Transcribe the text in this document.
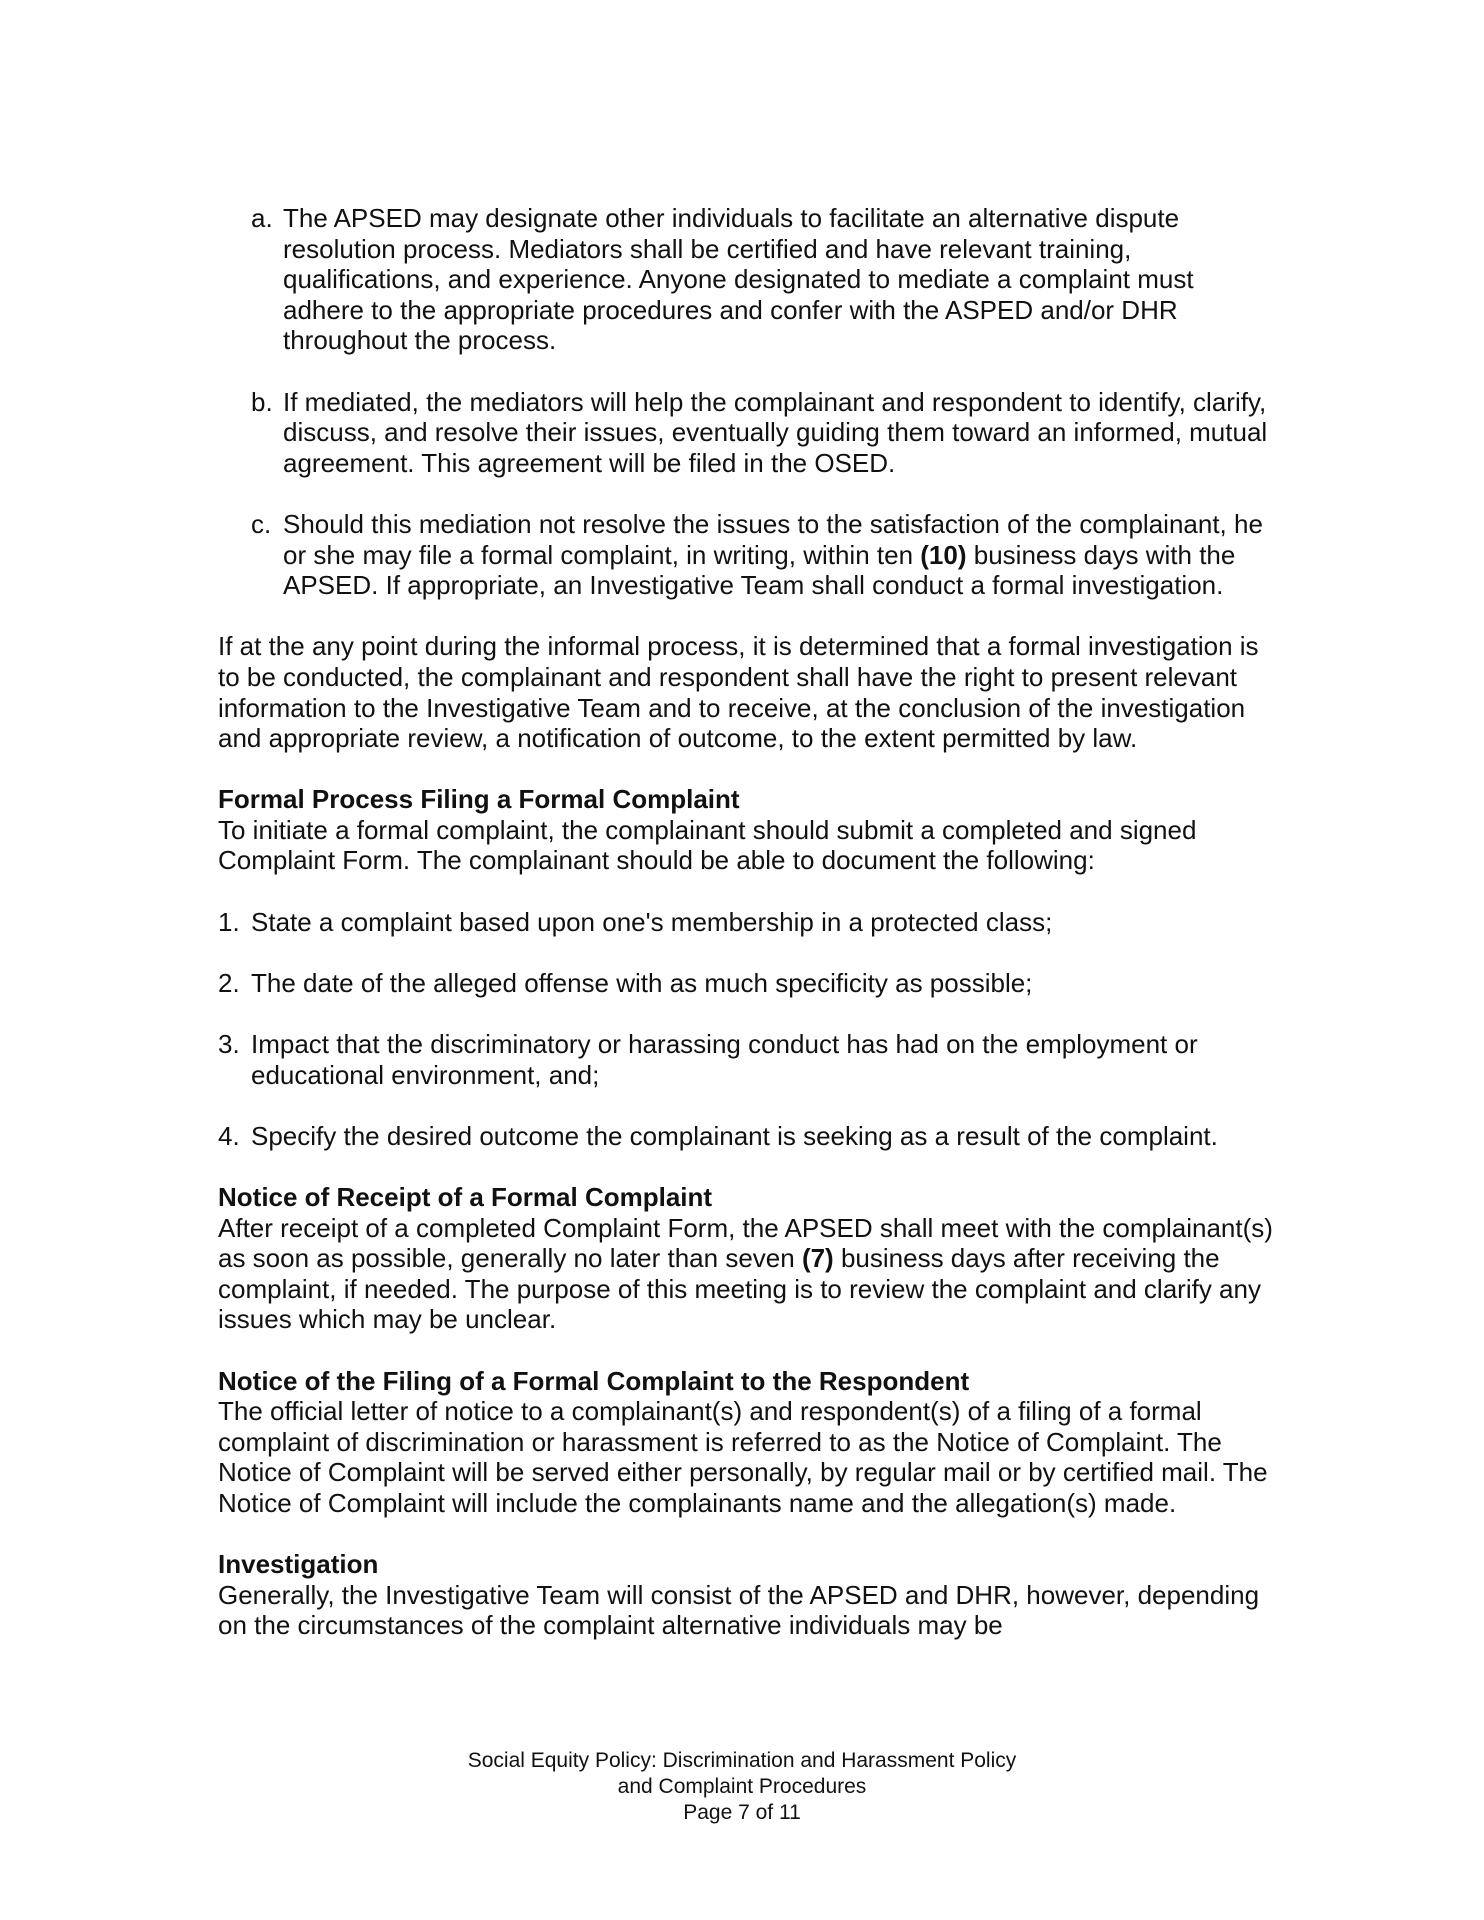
a. The APSED may designate other individuals to facilitate an alternative dispute resolution process. Mediators shall be certified and have relevant training, qualifications, and experience. Anyone designated to mediate a complaint must adhere to the appropriate procedures and confer with the ASPED and/or DHR throughout the process.
b. If mediated, the mediators will help the complainant and respondent to identify, clarify, discuss, and resolve their issues, eventually guiding them toward an informed, mutual agreement. This agreement will be filed in the OSED.
c. Should this mediation not resolve the issues to the satisfaction of the complainant, he or she may file a formal complaint, in writing, within ten (10) business days with the APSED. If appropriate, an Investigative Team shall conduct a formal investigation.

If at the any point during the informal process, it is determined that a formal investigation is to be conducted, the complainant and respondent shall have the right to present relevant information to the Investigative Team and to receive, at the conclusion of the investigation and appropriate review, a notification of outcome, to the extent permitted by law.

Formal Process Filing a Formal Complaint

To initiate a formal complaint, the complainant should submit a completed and signed Complaint Form. The complainant should be able to document the following:

1. State a complaint based upon one's membership in a protected class;
2. The date of the alleged offense with as much specificity as possible;
3. Impact that the discriminatory or harassing conduct has had on the employment or educational environment, and;
4. Specify the desired outcome the complainant is seeking as a result of the complaint.

Notice of Receipt of a Formal Complaint

After receipt of a completed Complaint Form, the APSED shall meet with the complainant(s) as soon as possible, generally no later than seven (7) business days after receiving the complaint, if needed. The purpose of this meeting is to review the complaint and clarify any issues which may be unclear.

Notice of the Filing of a Formal Complaint to the Respondent

The official letter of notice to a complainant(s) and respondent(s) of a filing of a formal complaint of discrimination or harassment is referred to as the Notice of Complaint. The Notice of Complaint will be served either personally, by regular mail or by certified mail. The Notice of Complaint will include the complainants name and the allegation(s) made.

Investigation

Generally, the Investigative Team will consist of the APSED and DHR, however, depending on the circumstances of the complaint alternative individuals may be

Social Equity Policy: Discrimination and Harassment Policy
and Complaint Procedures
Page 7 of 11
